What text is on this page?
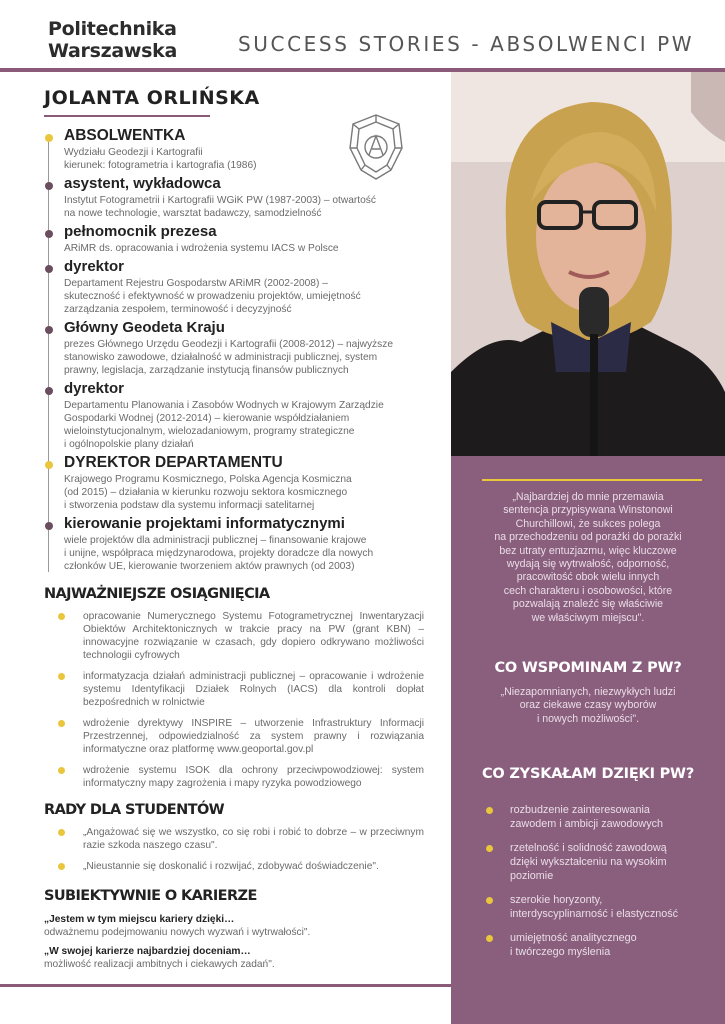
Politechnika
Warszawska	SUCCESS STORIES - ABSOLWENCI PW
JOLANTA ORLIŃSKA
ABSOLWENTKA
Wydziału Geodezji i Kartografii
kierunek: fotogrametria i kartografia (1986)
asystent, wykładowca
Instytut Fotogrametrii i Kartografii WGiK PW (1987-2003) – otwartość
na nowe technologie, warsztat badawczy, samodzielność
pełnomocnik prezesa
ARiMR ds. opracowania i wdrożenia systemu IACS w Polsce
dyrektor
Departament Rejestru Gospodarstw ARiMR (2002-2008) –
skuteczność i efektywność w prowadzeniu projektów, umiejętność
zarządzania zespołem, terminowość i decyzyjność
Główny Geodeta Kraju
prezes Głównego Urzędu Geodezji i Kartografii (2008-2012) – najwyższe
stanowisko zawodowe, działalność w administracji publicznej, system
prawny, legislacja, zarządzanie instytucją finansów publicznych
dyrektor
Departamentu Planowania i Zasobów Wodnych w Krajowym Zarządzie
Gospodarki Wodnej (2012-2014) – kierowanie współdziałaniem
wieloinstytucjonalnym, wielozadaniowym, programy strategiczne
i ogólnopolskie plany działań
DYREKTOR DEPARTAMENTU
Krajowego Programu Kosmicznego, Polska Agencja Kosmiczna
(od 2015) – działania w kierunku rozwoju sektora kosmicznego
i stworzenia podstaw dla systemu informacji satelitarnej
kierowanie projektami informatycznymi
wiele projektów dla administracji publicznej – finansowanie krajowe
i unijne, współpraca międzynarodowa, projekty doradcze dla nowych
członków UE, kierowanie tworzeniem aktów prawnych (od 2003)
NAJWAŻNIEJSZE OSIĄGNIĘCIA
opracowanie Numerycznego Systemu Fotogrametrycznej Inwentaryzacji Obiektów Architektonicznych w trakcie pracy na PW (grant KBN) – innowacyjne rozwiązanie w czasach, gdy dopiero odkrywano możliwości technologii cyfrowych
informatyzacja działań administracji publicznej – opracowanie i wdrożenie systemu Identyfikacji Działek Rolnych (IACS) dla kontroli dopłat bezpośrednich w rolnictwie
wdrożenie dyrektywy INSPIRE – utworzenie Infrastruktury Informacji Przestrzennej, odpowiedzialność za system prawny i rozwiązania informatyczne oraz platformę www.geoportal.gov.pl
wdrożenie systemu ISOK dla ochrony przeciwpowodziowej: system informatyczny mapy zagrożenia i mapy ryzyka powodziowego
RADY DLA STUDENTÓW
„Angażować się we wszystko, co się robi i robić to dobrze – w przeciwnym razie szkoda naszego czasu".
„Nieustannie się doskonalić i rozwijać, zdobywać doświadczenie".
SUBIEKTYWNIE O KARIERZE
„Jestem w tym miejscu kariery dzięki…
odważnemu podejmowaniu nowych wyzwań i wytrwałości".
„W swojej karierze najbardziej doceniam…
możliwość realizacji ambitnych i ciekawych zadań".
„Najbardziej do mnie przemawia
sentencja przypisywana Winstonowi
Churchillowi, że sukces polega
na przechodzeniu od porażki do porażki
bez utraty entuzjazmu, więc kluczowe
wydają się wytrwałość, odporność,
pracowitość obok wielu innych
cech charakteru i osobowości, które
pozwalają znaleźć się właściwie
we właściwym miejscu".
CO WSPOMINAM Z PW?
„Niezapomnianych, niezwykłych ludzi
oraz ciekawe czasy wyborów
i nowych możliwości".
CO ZYSKAŁAM DZIĘKI PW?
rozbudzenie zainteresowania
zawodem i ambicji zawodowych
rzetelność i solidność zawodową
dzięki wykształceniu na wysokim
poziomie
szerokie horyzonty,
interdyscyplinarność i elastyczność
umiejętność analitycznego
i twórczego myślenia
